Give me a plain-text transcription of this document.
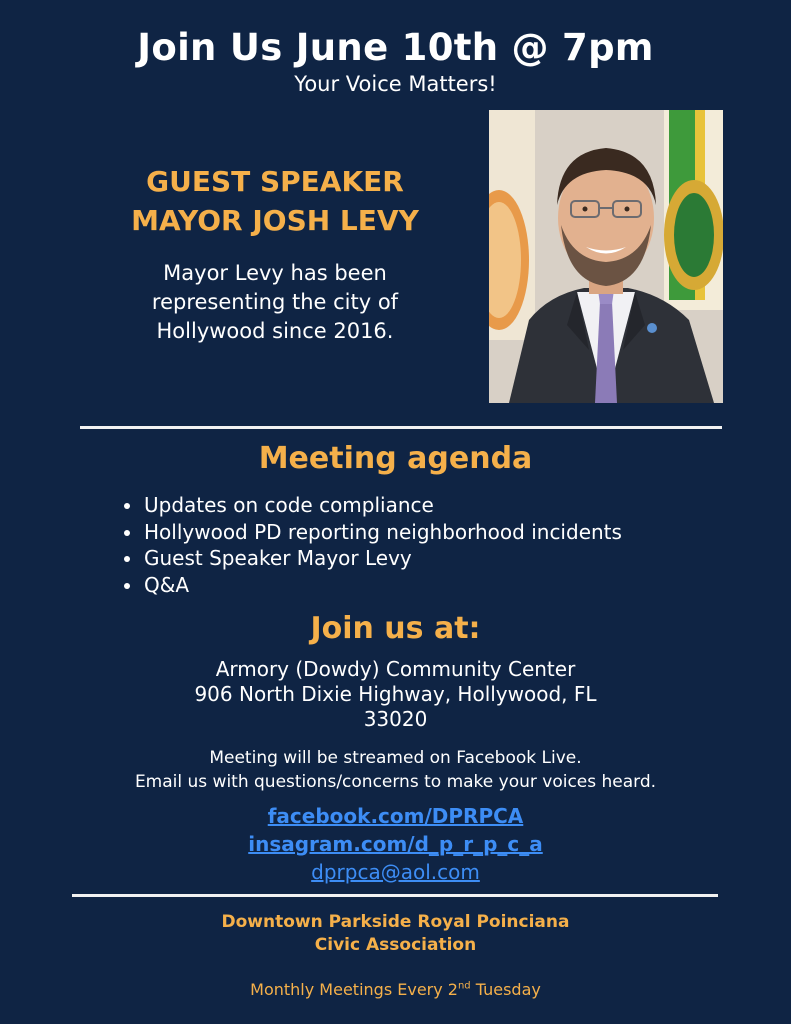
Join Us June 10th @ 7pm
Your Voice Matters!
GUEST SPEAKER
MAYOR JOSH LEVY
Mayor Levy has been
representing the city of
Hollywood since 2016.
Meeting agenda
Updates on code compliance
Hollywood PD reporting neighborhood incidents
Guest Speaker Mayor Levy
Q&A
Join us at:
Armory (Dowdy) Community Center
906 North Dixie Highway, Hollywood, FL
33020
Meeting will be streamed on Facebook Live.
Email us with questions/concerns to make your voices heard.
facebook.com/DPRPCA
insagram.com/d_p_r_p_c_a
dprpca@aol.com
Downtown Parkside Royal Poinciana
Civic Association
Monthly Meetings Every 2nd Tuesday
